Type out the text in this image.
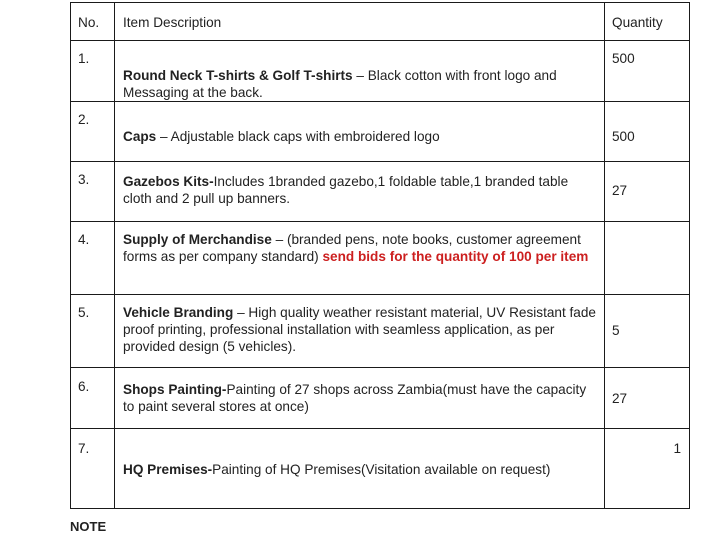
No.	Item Description	Quantity
1.	Round Neck T-shirts & Golf T-shirts – Black cotton with front logo and Messaging at the back.	500
2.	Caps – Adjustable black caps with embroidered logo	500
3.	Gazebos Kits-Includes 1branded gazebo,1 foldable table,1 branded table cloth and 2 pull up banners.	27
4.	Supply of Merchandise – (branded pens, note books, customer agreement forms as per company standard) send bids for the quantity of 100 per item	
5.	Vehicle Branding – High quality weather resistant material, UV Resistant fade proof printing, professional installation with seamless application, as per provided design (5 vehicles).	5
6.	Shops Painting-Painting of 27 shops across Zambia(must have the capacity to paint several stores at once)	27
7.	HQ Premises-Painting of HQ Premises(Visitation available on request)	1
NOTE
